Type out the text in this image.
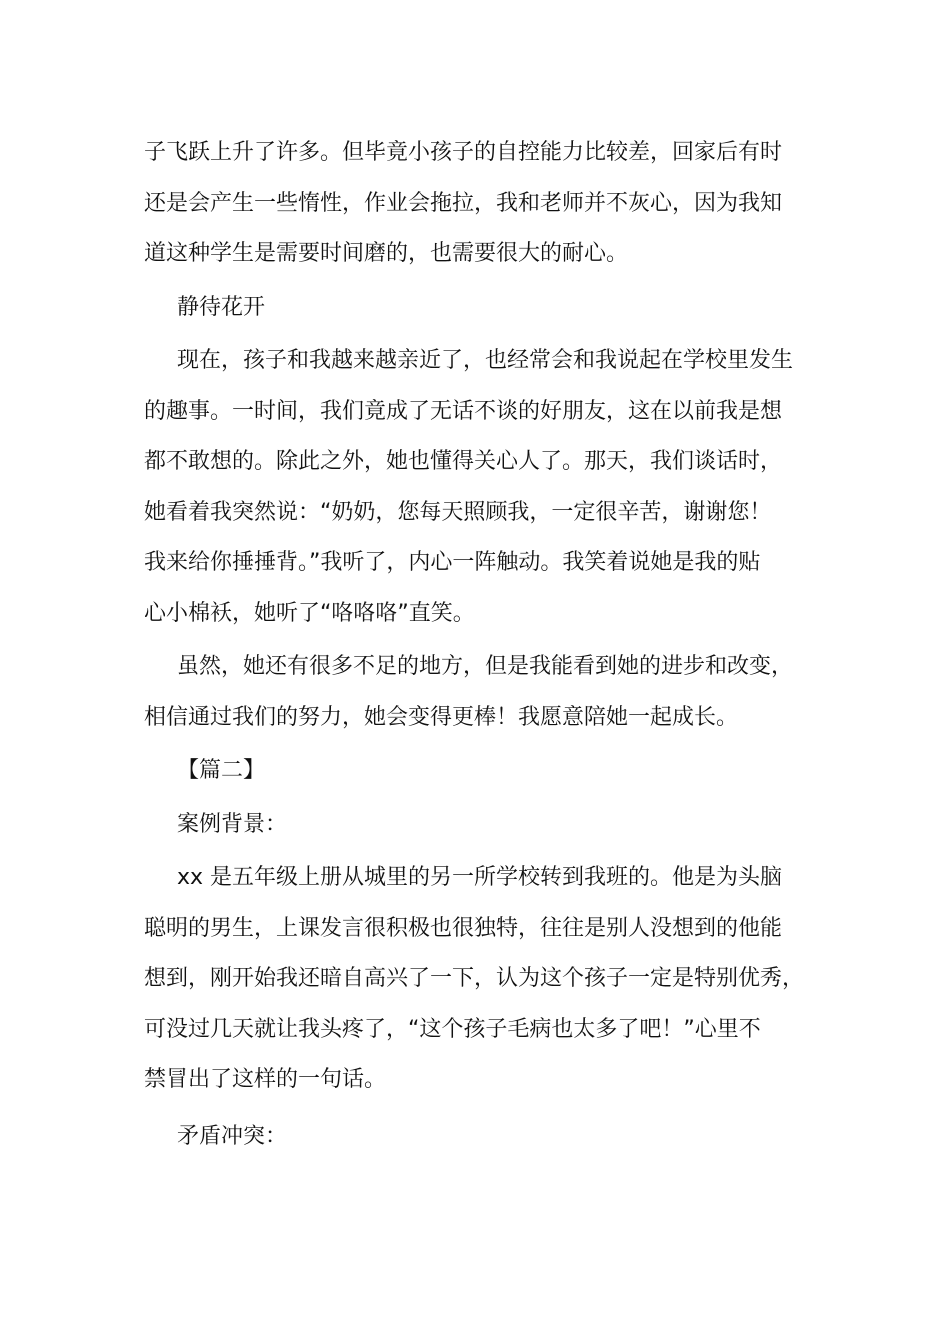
子飞跃上升了许多。但毕竟小孩子的自控能力比较差，回家后有时
还是会产生一些惰性，作业会拖拉，我和老师并不灰心，因为我知
道这种学生是需要时间磨的，也需要很大的耐心。
静待花开
现在，孩子和我越来越亲近了，也经常会和我说起在学校里发生
的趣事。一时间，我们竟成了无话不谈的好朋友，这在以前我是想
都不敢想的。除此之外，她也懂得关心人了。那天，我们谈话时，
她看着我突然说：“奶奶，您每天照顾我，一定很辛苦，谢谢您！
我来给你捶捶背。”我听了，内心一阵触动。我笑着说她是我的贴
心小棉袄，她听了“咯咯咯”直笑。
虽然，她还有很多不足的地方，但是我能看到她的进步和改变，
相信通过我们的努力，她会变得更棒！我愿意陪她一起成长。
【篇二】
案例背景：
xx 是五年级上册从城里的另一所学校转到我班的。他是为头脑
聪明的男生，上课发言很积极也很独特，往往是别人没想到的他能
想到，刚开始我还暗自高兴了一下，认为这个孩子一定是特别优秀，
可没过几天就让我头疼了，“这个孩子毛病也太多了吧！”心里不
禁冒出了这样的一句话。
矛盾冲突：
